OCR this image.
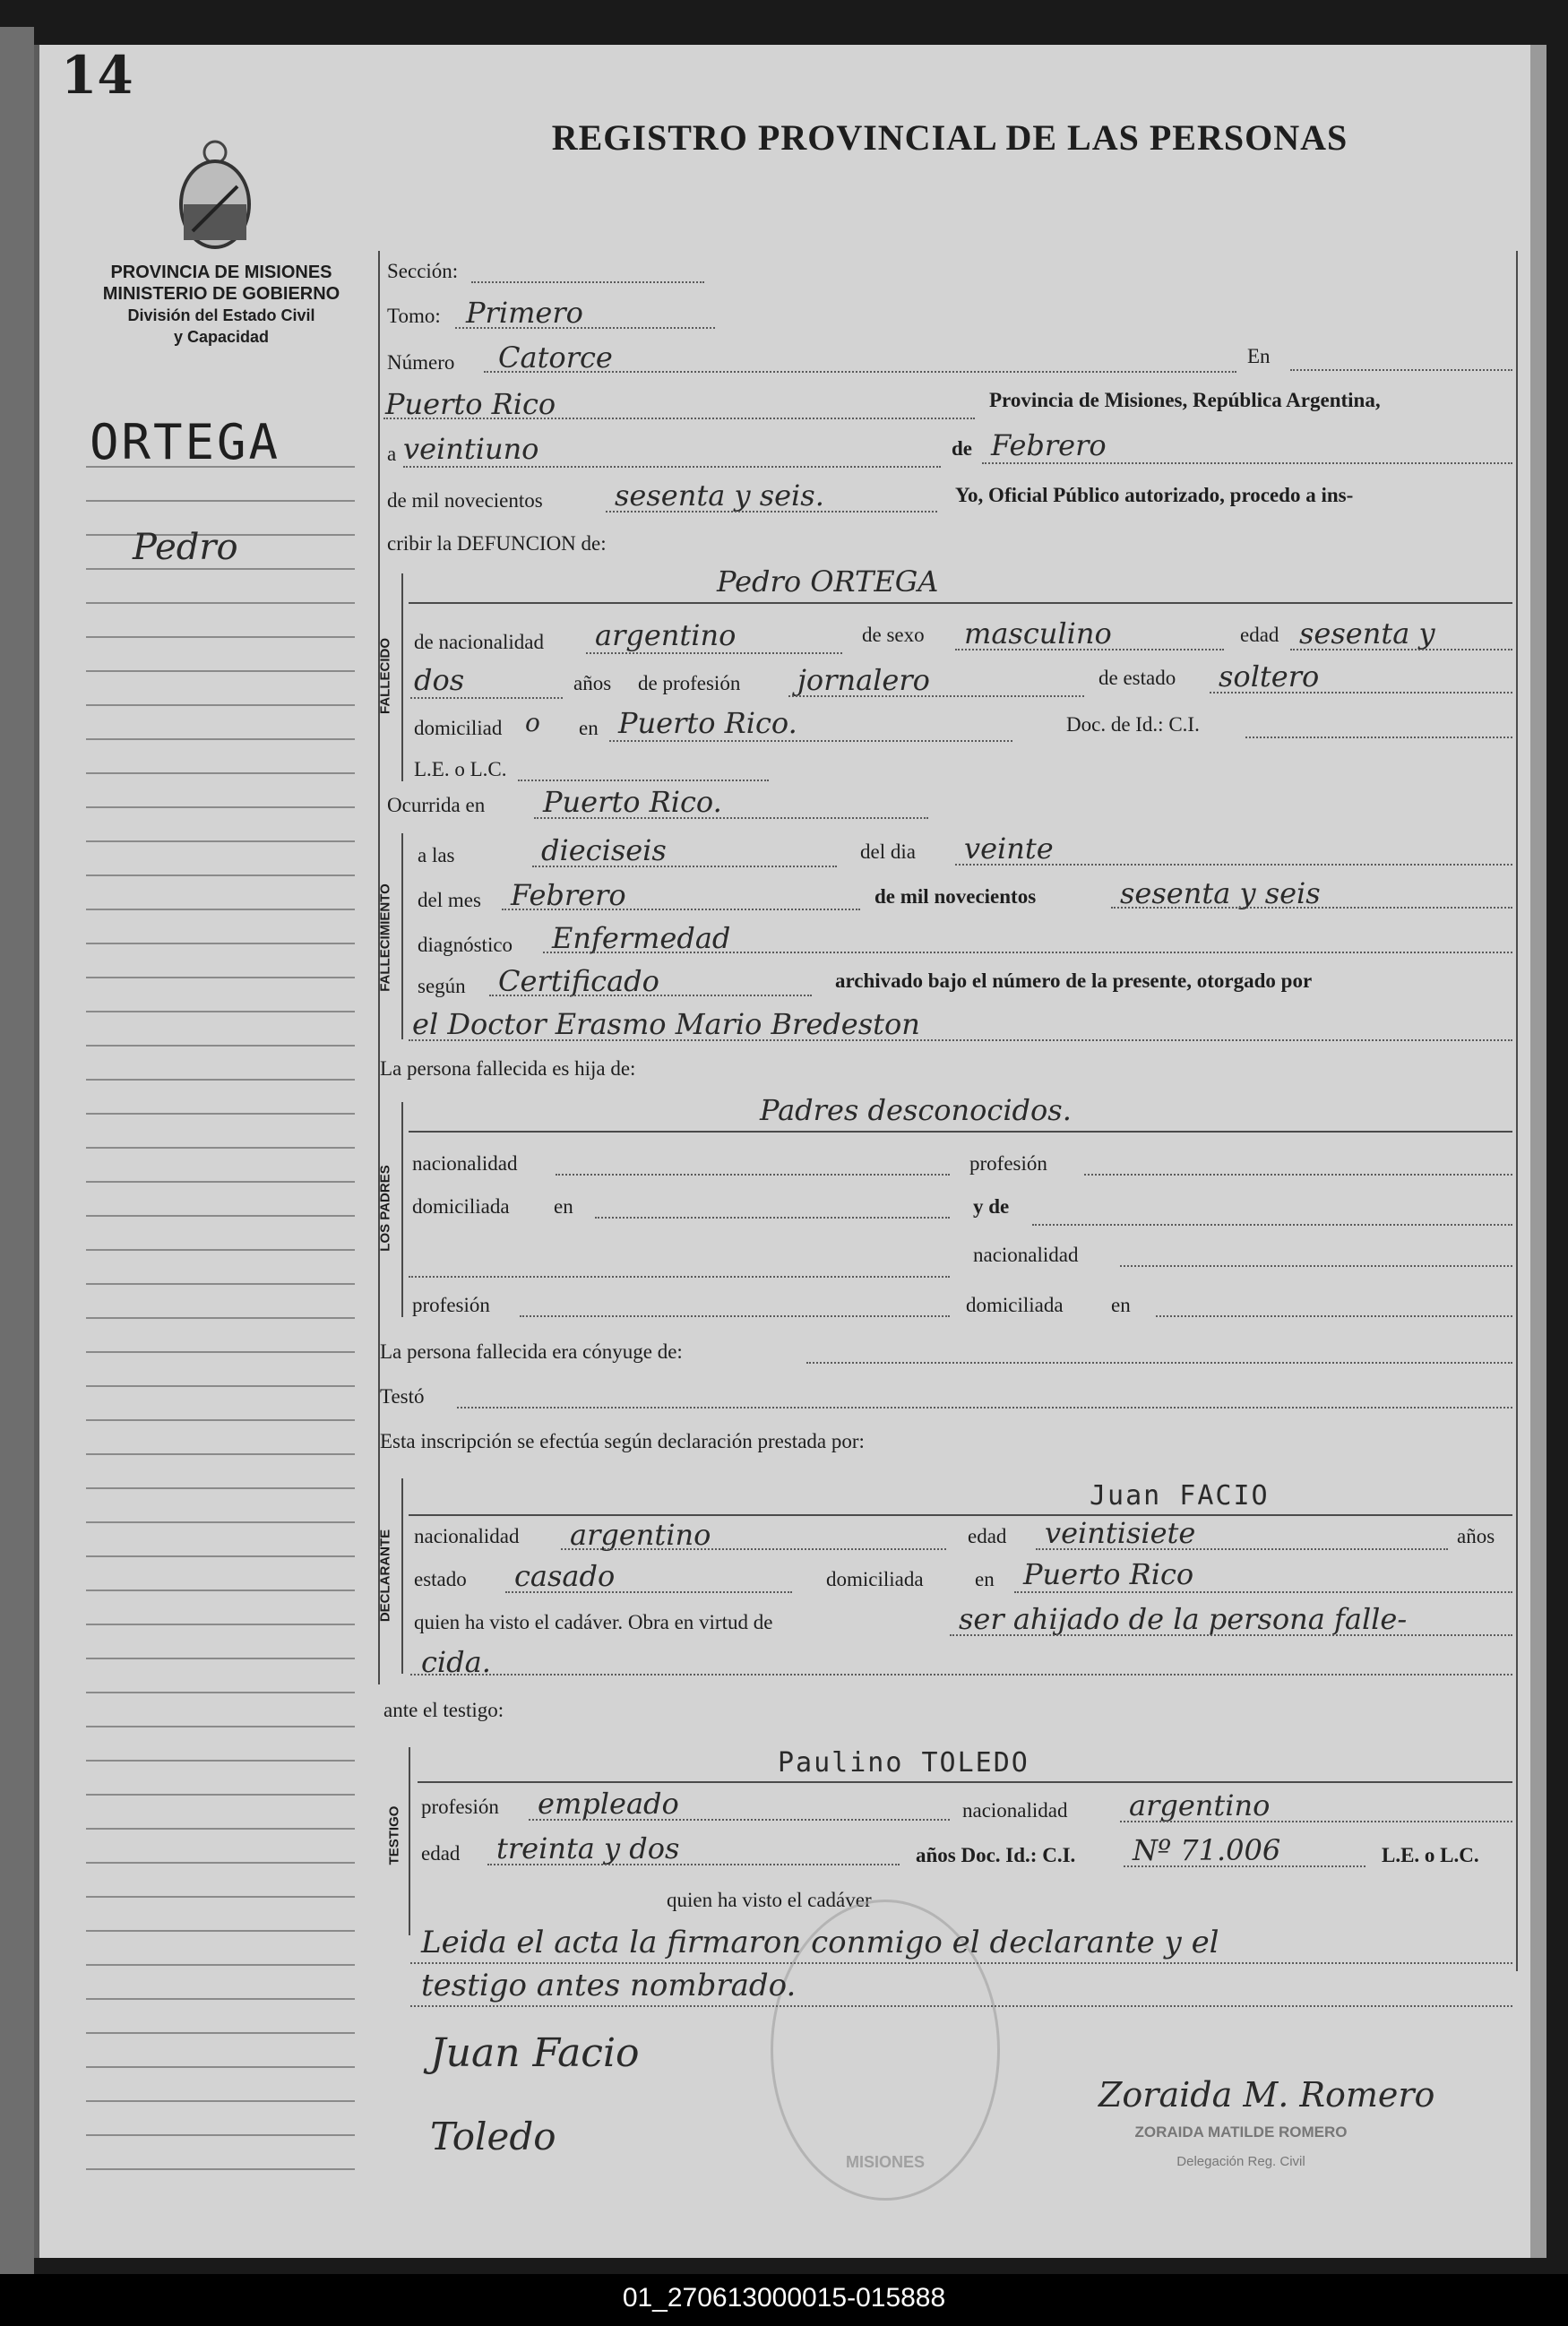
14
REGISTRO PROVINCIAL DE LAS PERSONAS
PROVINCIA DE MISIONES
MINISTERIO DE GOBIERNO
División del Estado Civil
y Capacidad
ORTEGA
Pedro
Sección:
Tomo: Primero
Número Catorce	En
Puerto Rico	Provincia de Misiones, República Argentina,
a veintiuno	de Febrero
de mil novecientos	sesenta y seis.	Yo, Oficial Público autorizado, procedo a ins-
cribir la DEFUNCION de:
FALLECIDO
Pedro ORTEGA
de nacionalidad argentino	de sexo masculino	edad sesenta y
dos	años de profesión jornalero	de estado soltero
domiciliad o en Puerto Rico.	Doc. de Id.: C.I.
L.E. o L.C.
Ocurrida en Puerto Rico.
FALLECIMIENTO
a las	dieciseis	del dia veinte
del mes Febrero	de mil novecientos	sesenta y seis
diagnóstico Enfermedad
según Certificado	archivado bajo el número de la presente, otorgado por
el Doctor Erasmo Mario Bredeston
La persona fallecida es hija de:
Padres desconocidos.
LOS PADRES
nacionalidad	profesión
domiciliada en	y de
nacionalidad
profesión	domiciliada en
La persona fallecida era cónyuge de:
Testó
Esta inscripción se efectúa según declaración prestada por:
DECLARANTE
Juan FACIO
nacionalidad argentino	edad veintisiete	años
estado casado	domiciliada en Puerto Rico
quien ha visto el cadáver. Obra en virtud de	ser ahijado de la persona falle-
cida.
ante el testigo:
TESTIGO
Paulino TOLEDO
profesión empleado	nacionalidad argentino
edad treinta y dos	años Doc. Id.: C.I. Nº 71.006	L.E. o L.C.
quien ha visto el cadáver
MISIONES
Leida el acta la firmaron conmigo el declarante y el
testigo antes nombrado.
Juan Facio
Toledo
Zoraida M. Romero
ZORAIDA MATILDE ROMERO
Delegación Reg. Civil
01_270613000015-015888
